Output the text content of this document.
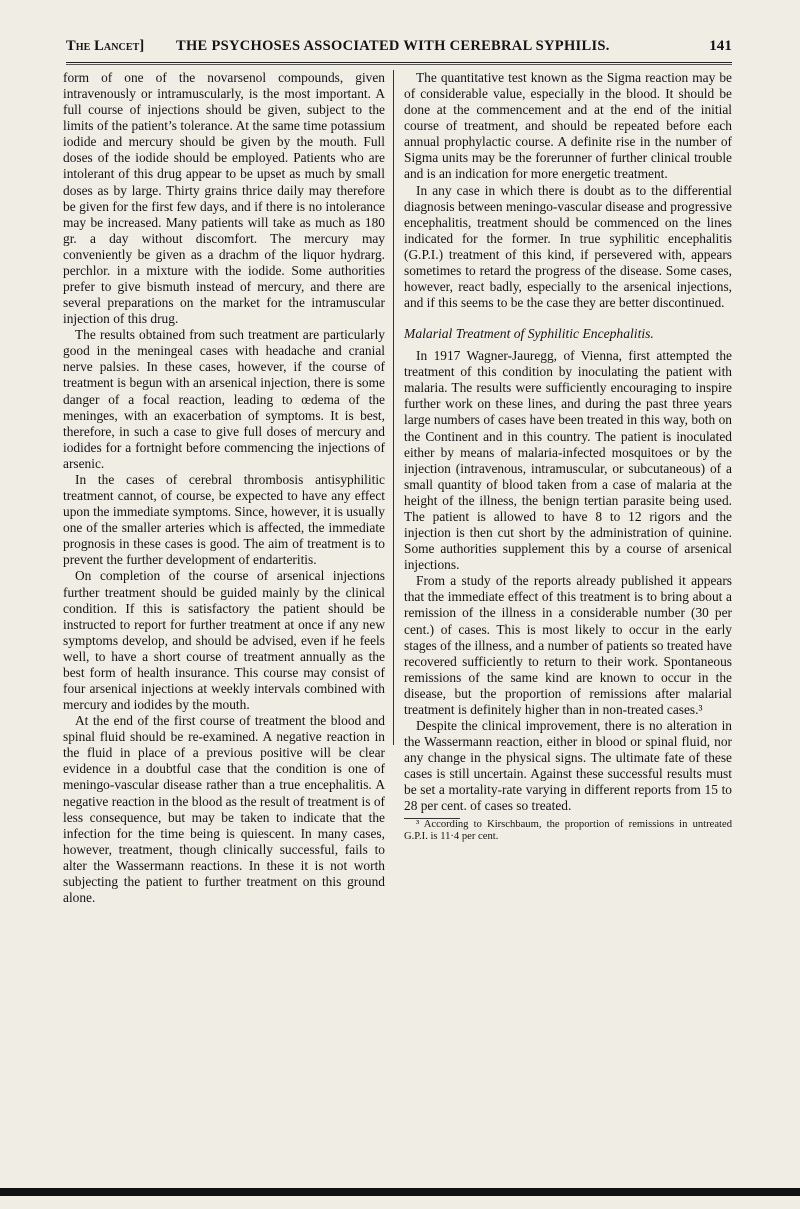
The Lancet] THE PSYCHOSES ASSOCIATED WITH CEREBRAL SYPHILIS.	141

form of one of the novarsenol compounds, given intravenously or intramuscularly, is the most important. A full course of injections should be given, subject to the limits of the patient’s tolerance. At the same time potassium iodide and mercury should be given by the mouth. Full doses of the iodide should be employed. Patients who are intolerant of this drug appear to be upset as much by small doses as by large. Thirty grains thrice daily may therefore be given for the first few days, and if there is no intolerance may be increased. Many patients will take as much as 180 gr. a day without discomfort. The mercury may conveniently be given as a drachm of the liquor hydrarg. perchlor. in a mixture with the iodide. Some authorities prefer to give bismuth instead of mercury, and there are several preparations on the market for the intramuscular injection of this drug.

The results obtained from such treatment are particularly good in the meningeal cases with headache and cranial nerve palsies. In these cases, however, if the course of treatment is begun with an arsenical injection, there is some danger of a focal reaction, leading to œdema of the meninges, with an exacerbation of symptoms. It is best, therefore, in such a case to give full doses of mercury and iodides for a fortnight before commencing the injections of arsenic.

In the cases of cerebral thrombosis antisyphilitic treatment cannot, of course, be expected to have any effect upon the immediate symptoms. Since, however, it is usually one of the smaller arteries which is affected, the immediate prognosis in these cases is good. The aim of treatment is to prevent the further development of endarteritis.

On completion of the course of arsenical injections further treatment should be guided mainly by the clinical condition. If this is satisfactory the patient should be instructed to report for further treatment at once if any new symptoms develop, and should be advised, even if he feels well, to have a short course of treatment annually as the best form of health insurance. This course may consist of four arsenical injections at weekly intervals combined with mercury and iodides by the mouth.

At the end of the first course of treatment the blood and spinal fluid should be re-examined. A negative reaction in the fluid in place of a previous positive will be clear evidence in a doubtful case that the condition is one of meningo-vascular disease rather than a true encephalitis. A negative reaction in the blood as the result of treatment is of less consequence, but may be taken to indicate that the infection for the time being is quiescent. In many cases, however, treatment, though clinically successful, fails to alter the Wassermann reactions. In these it is not worth subjecting the patient to further treatment on this ground alone.

The quantitative test known as the Sigma reaction may be of considerable value, especially in the blood. It should be done at the commencement and at the end of the initial course of treatment, and should be repeated before each annual prophylactic course. A definite rise in the number of Sigma units may be the forerunner of further clinical trouble and is an indication for more energetic treatment.

In any case in which there is doubt as to the differential diagnosis between meningo-vascular disease and progressive encephalitis, treatment should be commenced on the lines indicated for the former. In true syphilitic encephalitis (G.P.I.) treatment of this kind, if persevered with, appears sometimes to retard the progress of the disease. Some cases, however, react badly, especially to the arsenical injections, and if this seems to be the case they are better discontinued.

Malarial Treatment of Syphilitic Encephalitis.

In 1917 Wagner-Jauregg, of Vienna, first attempted the treatment of this condition by inoculating the patient with malaria. The results were sufficiently encouraging to inspire further work on these lines, and during the past three years large numbers of cases have been treated in this way, both on the Continent and in this country. The patient is inoculated either by means of malaria-infected mosquitoes or by the injection (intravenous, intramuscular, or subcutaneous) of a small quantity of blood taken from a case of malaria at the height of the illness, the benign tertian parasite being used. The patient is allowed to have 8 to 12 rigors and the injection is then cut short by the administration of quinine. Some authorities supplement this by a course of arsenical injections.

From a study of the reports already published it appears that the immediate effect of this treatment is to bring about a remission of the illness in a considerable number (30 per cent.) of cases. This is most likely to occur in the early stages of the illness, and a number of patients so treated have recovered sufficiently to return to their work. Spontaneous remissions of the same kind are known to occur in the disease, but the proportion of remissions after malarial treatment is definitely higher than in non-treated cases.³

Despite the clinical improvement, there is no alteration in the Wassermann reaction, either in blood or spinal fluid, nor any change in the physical signs. The ultimate fate of these cases is still uncertain. Against these successful results must be set a mortality-rate varying in different reports from 15 to 28 per cent. of cases so treated.

³ According to Kirschbaum, the proportion of remissions in untreated G.P.I. is 11·4 per cent.
